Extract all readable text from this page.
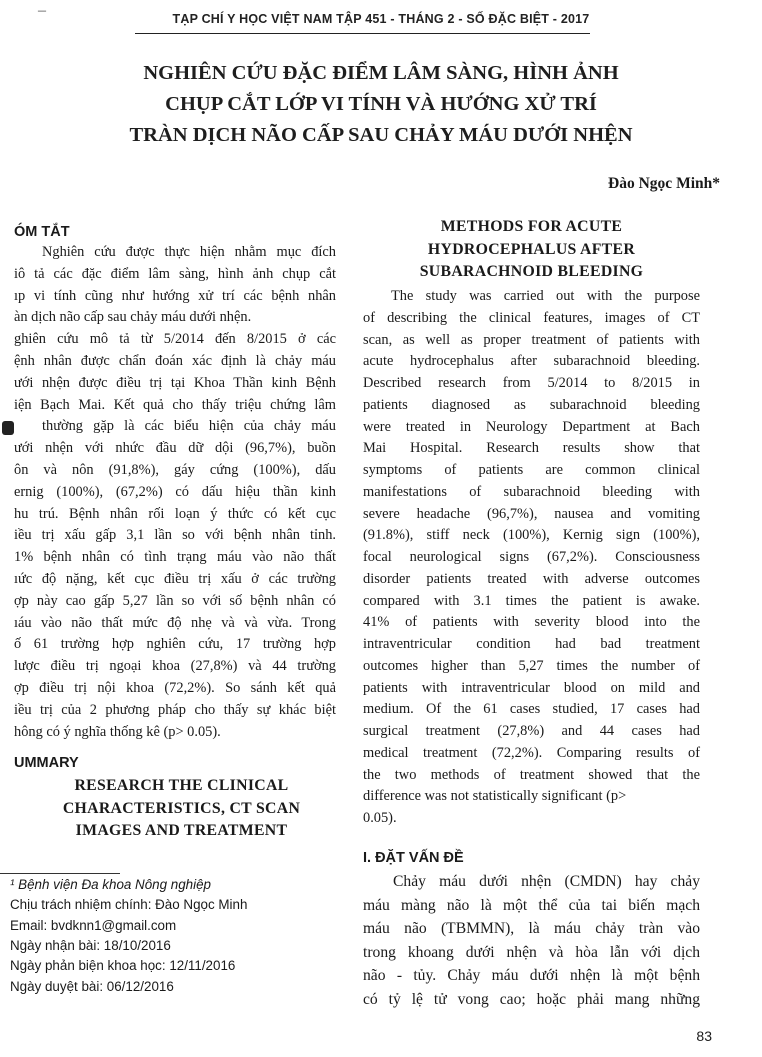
–	TẠP CHÍ Y HỌC VIỆT NAM TẬP 451 - THÁNG 2 - SỐ ĐẶC BIỆT - 2017
NGHIÊN CỨU ĐẶC ĐIỂM LÂM SÀNG, HÌNH ẢNH
CHỤP CẮT LỚP VI TÍNH VÀ HƯỚNG XỬ TRÍ
TRÀN DỊCH NÃO CẤP SAU CHẢY MÁU DƯỚI NHỆN
Đào Ngọc Minh*
ÓM TẮT
Nghiên cứu được thực hiện nhằm mục đích
iô tả các đặc điểm lâm sàng, hình ảnh chụp cắt
ıp vi tính cũng như hướng xử trí các bệnh nhân
àn dịch não cấp sau chảy máu dưới nhện.
ghiên cứu mô tả từ 5/2014 đến 8/2015 ở các
ệnh nhân được chẩn đoán xác định là chảy máu
ưới nhện được điều trị tại Khoa Thần kinh Bệnh
iện Bạch Mai. Kết quả cho thấy triệu chứng lâm
thường gặp là các biểu hiện của chảy máu
ưới nhện với nhức đầu dữ dội (96,7%), buồn
ôn và nôn (91,8%), gáy cứng (100%), dấu
ernig (100%), (67,2%) có dấu hiệu thần kinh
hu trú. Bệnh nhân rối loạn ý thức có kết cục
iều trị xấu gấp 3,1 lần so với bệnh nhân tỉnh.
1% bệnh nhân có tình trạng máu vào não thất
ıức độ nặng, kết cục điều trị xấu ở các trường
ợp này cao gấp 5,27 lần so với số bệnh nhân có
ıáu vào não thất mức độ nhẹ và và vừa. Trong
ố 61 trường hợp nghiên cứu, 17 trường hợp
lược điều trị ngoại khoa (27,8%) và 44 trường
ợp điều trị nội khoa (72,2%). So sánh kết quả
iều trị của 2 phương pháp cho thấy sự khác biệt
hông có ý nghĩa thống kê (p> 0.05).
UMMARY
RESEARCH THE CLINICAL
CHARACTERISTICS, CT SCAN
IMAGES AND TREATMENT
¹ Bệnh viện Đa khoa Nông nghiệp
Chịu trách nhiệm chính: Đào Ngọc Minh
Email: bvdknn1@gmail.com
Ngày nhận bài: 18/10/2016
Ngày phản biện khoa học: 12/11/2016
Ngày duyệt bài: 06/12/2016
METHODS FOR ACUTE
HYDROCEPHALUS AFTER
SUBARACHNOID BLEEDING
The study was carried out with the purpose
of describing the clinical features, images of CT
scan, as well as proper treatment of patients with
acute hydrocephalus after subarachnoid bleeding.
Described research from 5/2014 to 8/2015 in
patients diagnosed as subarachnoid bleeding
were treated in Neurology Department at Bach
Mai Hospital. Research results show that
symptoms of patients are common clinical
manifestations of subarachnoid bleeding with
severe headache (96,7%), nausea and vomiting
(91.8%), stiff neck (100%), Kernig sign (100%),
focal neurological signs (67,2%). Consciousness
disorder patients treated with adverse outcomes
compared with 3.1 times the patient is awake.
41% of patients with severity blood into the
intraventricular condition had bad treatment
outcomes higher than 5,27 times the number of
patients with intraventricular blood on mild and
medium. Of the 61 cases studied, 17 cases had
surgical treatment (27,8%) and 44 cases had
medical treatment (72,2%). Comparing results of
the two methods of treatment showed that the
difference was not statistically significant (p>
0.05).
I. ĐẶT VẤN ĐỀ
Chảy máu dưới nhện (CMDN) hay chảy
máu màng não là một thể của tai biến mạch
máu não (TBMMN), là máu chảy tràn vào
trong khoang dưới nhện và hòa lẫn với dịch
não - tủy. Chảy máu dưới nhện là một bệnh
có tỷ lệ tử vong cao; hoặc phải mang những
83
